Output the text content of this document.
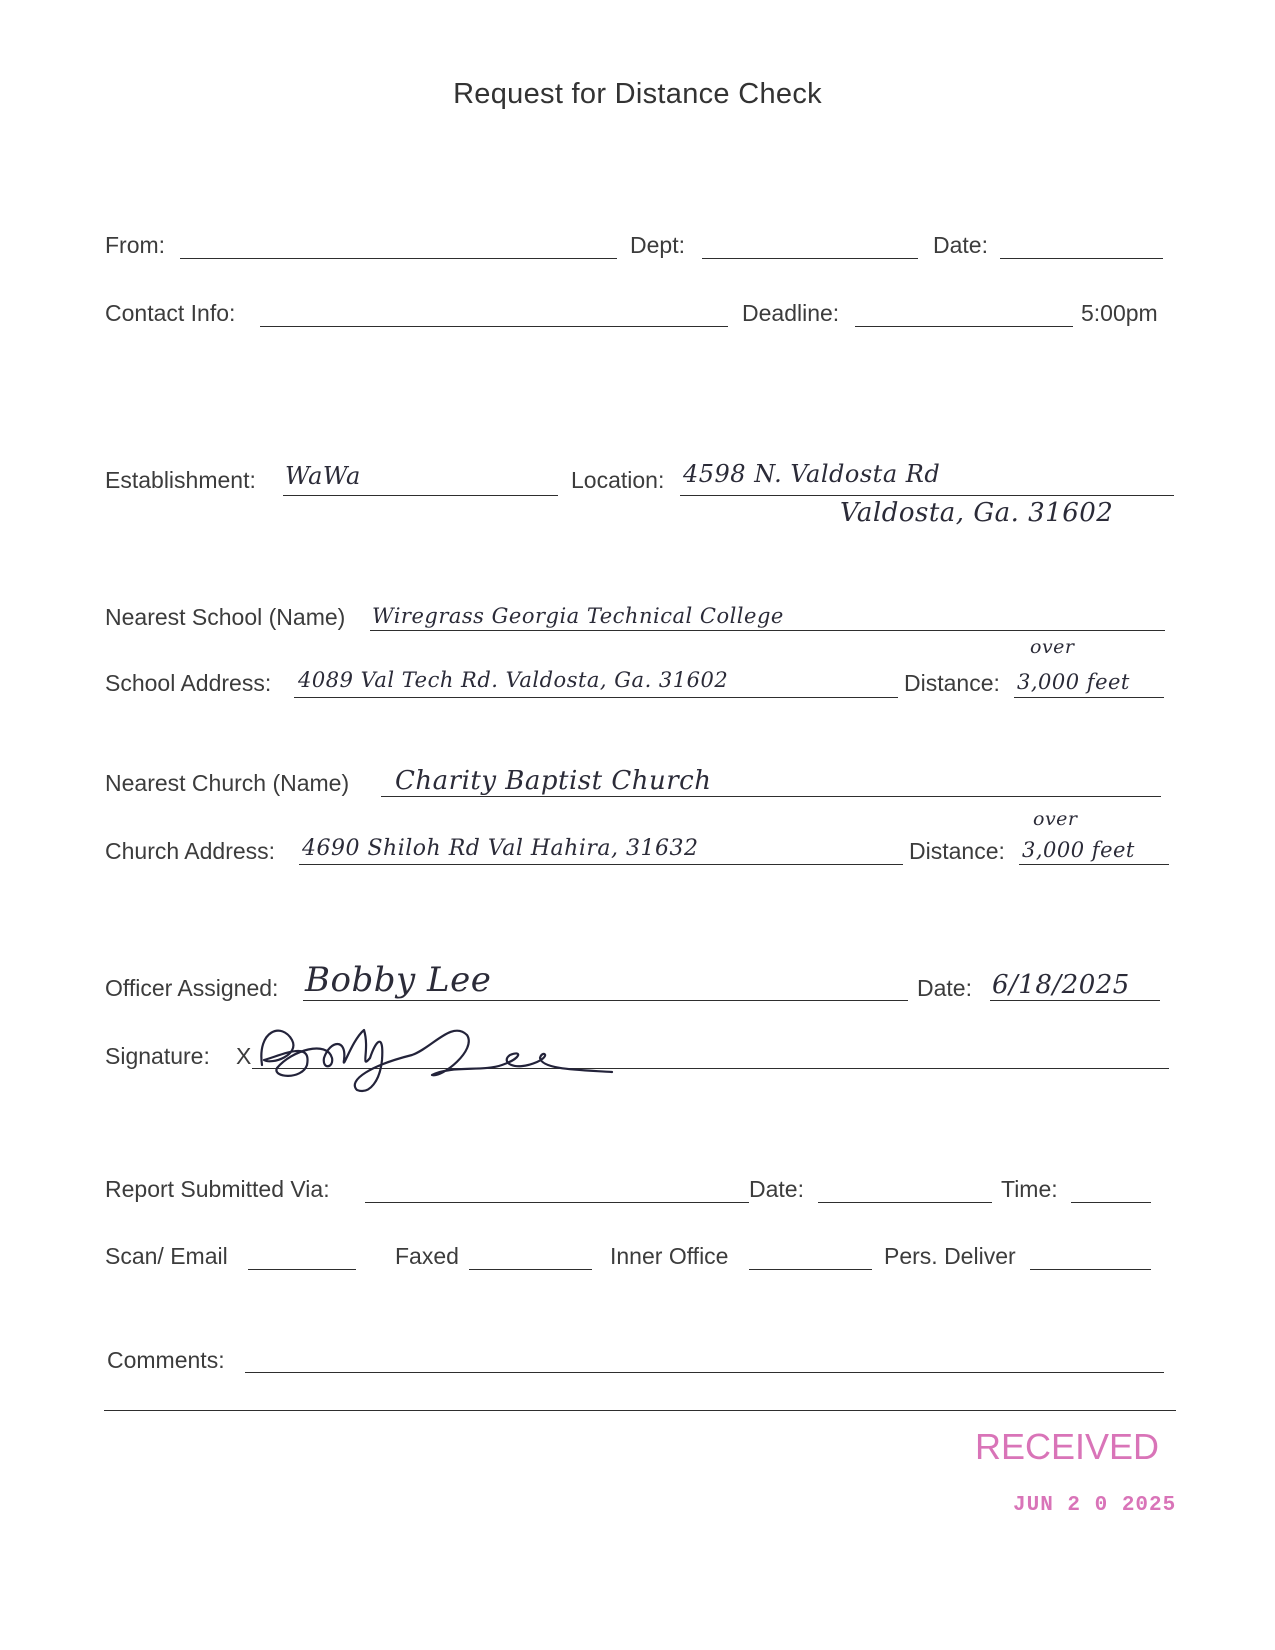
Request for Distance Check
From:	Dept:	Date:
Contact Info:	Deadline:	5:00pm
Establishment: WaWa	Location: 4598 N. Valdosta Rd
Valdosta, Ga. 31602
Nearest School (Name) Wiregrass Georgia Technical College
over
School Address: 4089 Val Tech Rd. Valdosta, Ga. 31602	Distance: 3,000 feet
Nearest Church (Name) Charity Baptist Church
over
Church Address: 4690 Shiloh Rd Val Hahira, 31632	Distance: 3,000 feet
Officer Assigned: Bobby Lee	Date: 6/18/2025
Signature: X
Report Submitted Via:	Date:	Time:
Scan/ Email	Faxed	Inner Office	Pers. Deliver
Comments:
RECEIVED
JUN 2 0 2025
